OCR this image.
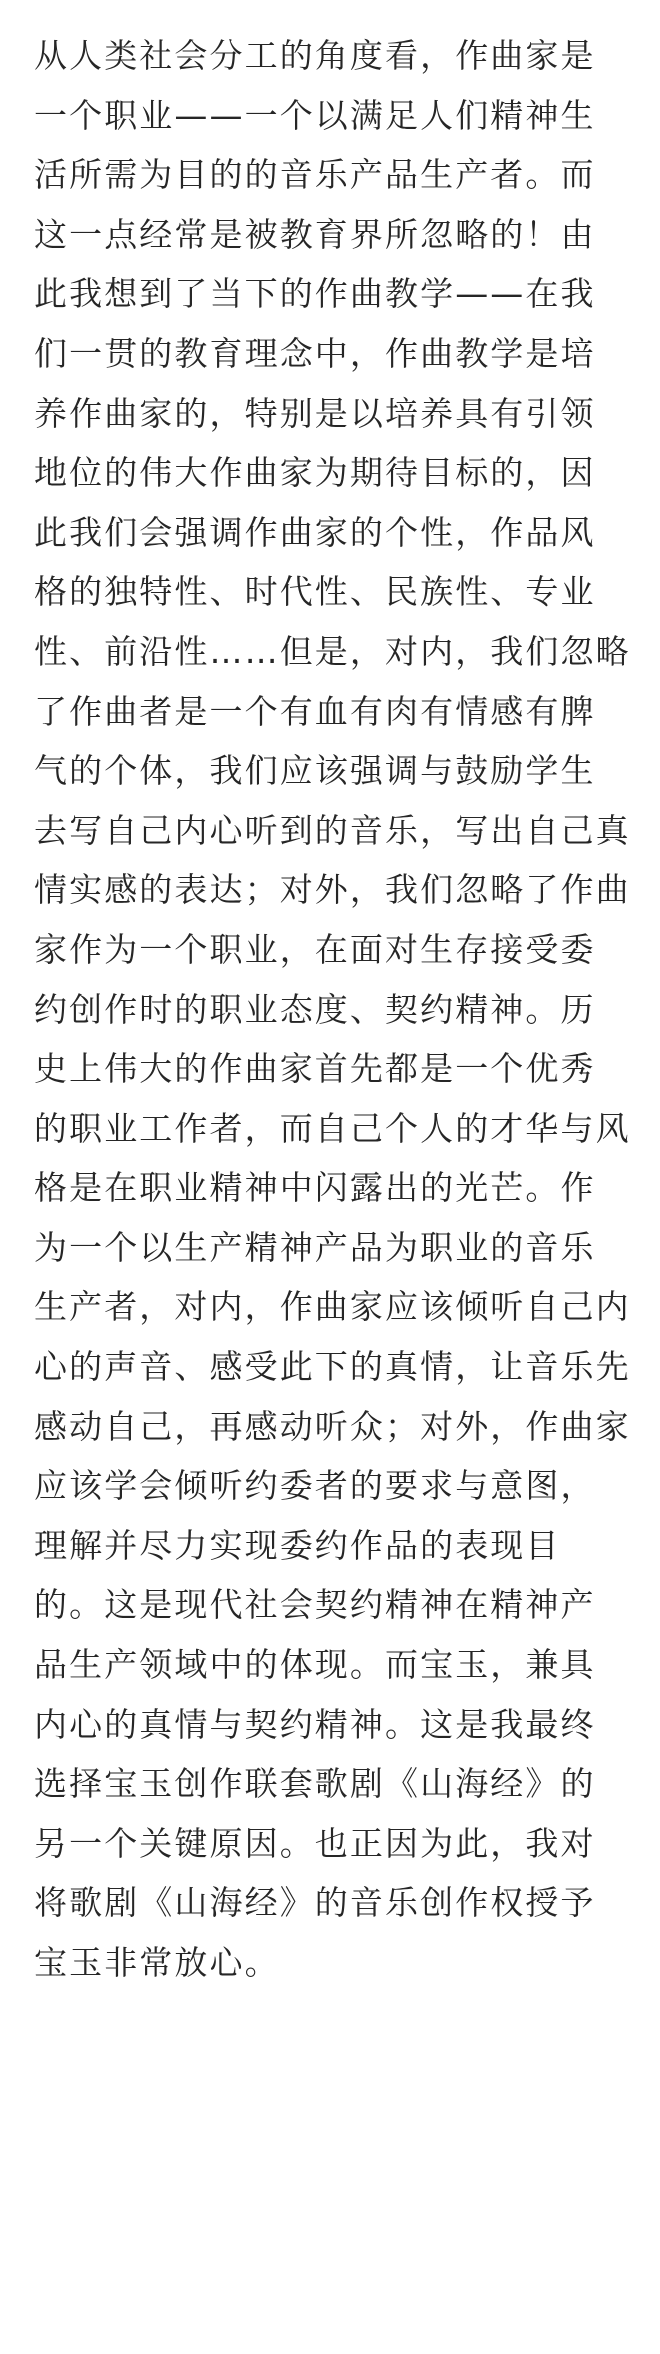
从人类社会分工的角度看，作曲家是
一个职业——一个以满足人们精神生
活所需为目的的音乐产品生产者。而
这一点经常是被教育界所忽略的！由
此我想到了当下的作曲教学——在我
们一贯的教育理念中，作曲教学是培
养作曲家的，特别是以培养具有引领
地位的伟大作曲家为期待目标的，因
此我们会强调作曲家的个性，作品风
格的独特性、时代性、民族性、专业
性、前沿性……但是，对内，我们忽略
了作曲者是一个有血有肉有情感有脾
气的个体，我们应该强调与鼓励学生
去写自己内心听到的音乐，写出自己真
情实感的表达；对外，我们忽略了作曲
家作为一个职业，在面对生存接受委
约创作时的职业态度、契约精神。历
史上伟大的作曲家首先都是一个优秀
的职业工作者，而自己个人的才华与风
格是在职业精神中闪露出的光芒。作
为一个以生产精神产品为职业的音乐
生产者，对内，作曲家应该倾听自己内
心的声音、感受此下的真情，让音乐先
感动自己，再感动听众；对外，作曲家
应该学会倾听约委者的要求与意图，
理解并尽力实现委约作品的表现目
的。这是现代社会契约精神在精神产
品生产领域中的体现。而宝玉，兼具
内心的真情与契约精神。这是我最终
选择宝玉创作联套歌剧《山海经》的
另一个关键原因。也正因为此，我对
将歌剧《山海经》的音乐创作权授予
宝玉非常放心。
